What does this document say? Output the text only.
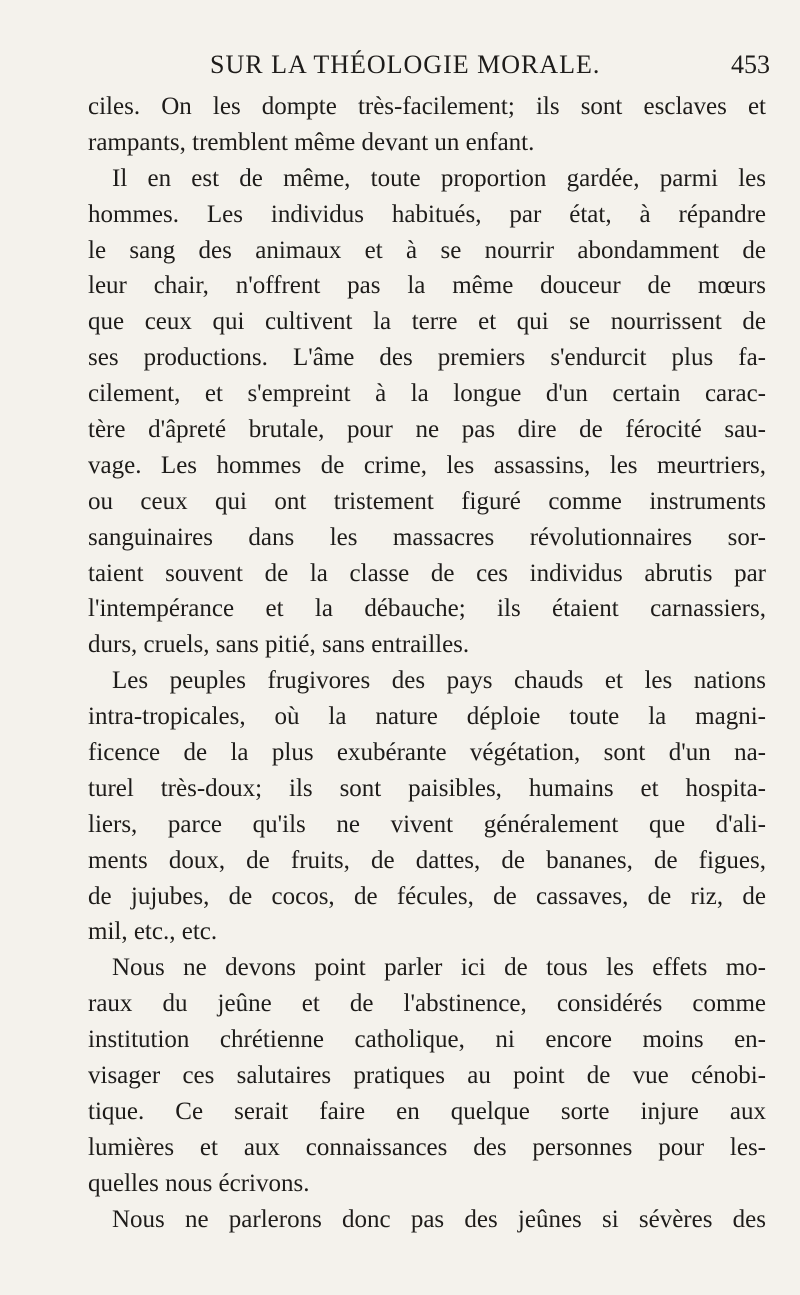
SUR LA THÉOLOGIE MORALE.	453
ciles. On les dompte très-facilement; ils sont esclaves et
rampants, tremblent même devant un enfant.
Il en est de même, toute proportion gardée, parmi les
hommes. Les individus habitués, par état, à répandre
le sang des animaux et à se nourrir abondamment de
leur chair, n'offrent pas la même douceur de mœurs
que ceux qui cultivent la terre et qui se nourrissent de
ses productions. L'âme des premiers s'endurcit plus fa-
cilement, et s'empreint à la longue d'un certain carac-
tère d'âpreté brutale, pour ne pas dire de férocité sau-
vage. Les hommes de crime, les assassins, les meurtriers,
ou ceux qui ont tristement figuré comme instruments
sanguinaires dans les massacres révolutionnaires sor-
taient souvent de la classe de ces individus abrutis par
l'intempérance et la débauche; ils étaient carnassiers,
durs, cruels, sans pitié, sans entrailles.
Les peuples frugivores des pays chauds et les nations
intra-tropicales, où la nature déploie toute la magni-
ficence de la plus exubérante végétation, sont d'un na-
turel très-doux; ils sont paisibles, humains et hospita-
liers, parce qu'ils ne vivent généralement que d'ali-
ments doux, de fruits, de dattes, de bananes, de figues,
de jujubes, de cocos, de fécules, de cassaves, de riz, de
mil, etc., etc.
Nous ne devons point parler ici de tous les effets mo-
raux du jeûne et de l'abstinence, considérés comme
institution chrétienne catholique, ni encore moins en-
visager ces salutaires pratiques au point de vue cénobi-
tique. Ce serait faire en quelque sorte injure aux
lumières et aux connaissances des personnes pour les-
quelles nous écrivons.
Nous ne parlerons donc pas des jeûnes si sévères des
